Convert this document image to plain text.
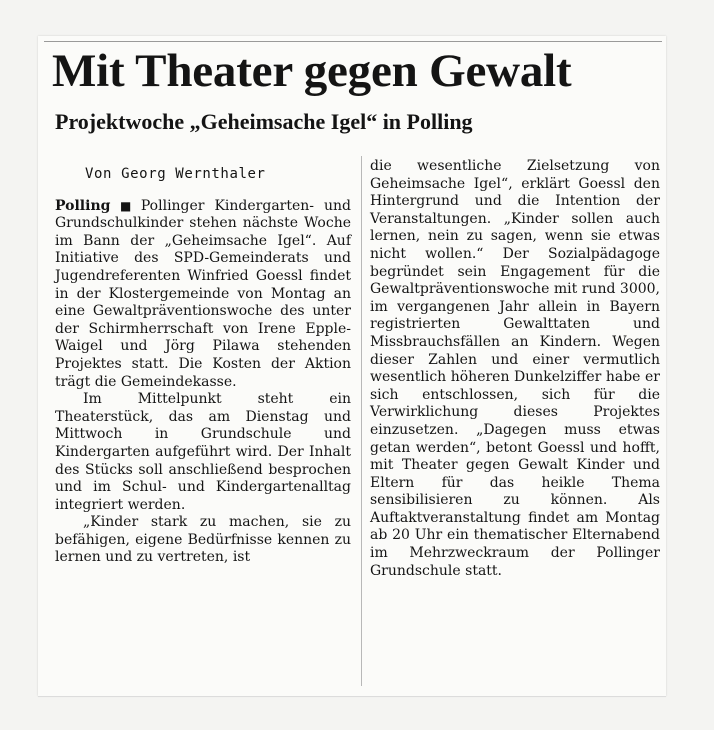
Mit Theater gegen Gewalt
Projektwoche „Geheimsache Igel“ in Polling
Von Georg Wernthaler

Polling ■ Pollinger Kindergarten- und Grundschulkinder stehen nächste Woche im Bann der „Geheimsache Igel“. Auf Initiative des SPD-Gemeinderats und Jugendreferenten Winfried Goessl findet in der Klostergemeinde von Montag an eine Gewaltpräventionswoche des unter der Schirmherrschaft von Irene Epple-Waigel und Jörg Pilawa stehenden Projektes statt. Die Kosten der Aktion trägt die Gemeindekasse.

Im Mittelpunkt steht ein Theaterstück, das am Dienstag und Mittwoch in Grundschule und Kindergarten aufgeführt wird. Der Inhalt des Stücks soll anschließend besprochen und im Schul- und Kindergartenalltag integriert werden.

„Kinder stark zu machen, sie zu befähigen, eigene Bedürfnisse kennen zu lernen und zu vertreten, ist

die wesentliche Zielsetzung von Geheimsache Igel“, erklärt Goessl den Hintergrund und die Intention der Veranstaltungen. „Kinder sollen auch lernen, nein zu sagen, wenn sie etwas nicht wollen.“ Der Sozialpädagoge begründet sein Engagement für die Gewaltpräventionswoche mit rund 3000, im vergangenen Jahr allein in Bayern registrierten Gewalttaten und Missbrauchsfällen an Kindern. Wegen dieser Zahlen und einer vermutlich wesentlich höheren Dunkelziffer habe er sich entschlossen, sich für die Verwirklichung dieses Projektes einzusetzen. „Dagegen muss etwas getan werden“, betont Goessl und hofft, mit Theater gegen Gewalt Kinder und Eltern für das heikle Thema sensibilisieren zu können. Als Auftaktveranstaltung findet am Montag ab 20 Uhr ein thematischer Elternabend im Mehrzweckraum der Pollinger Grundschule statt.
